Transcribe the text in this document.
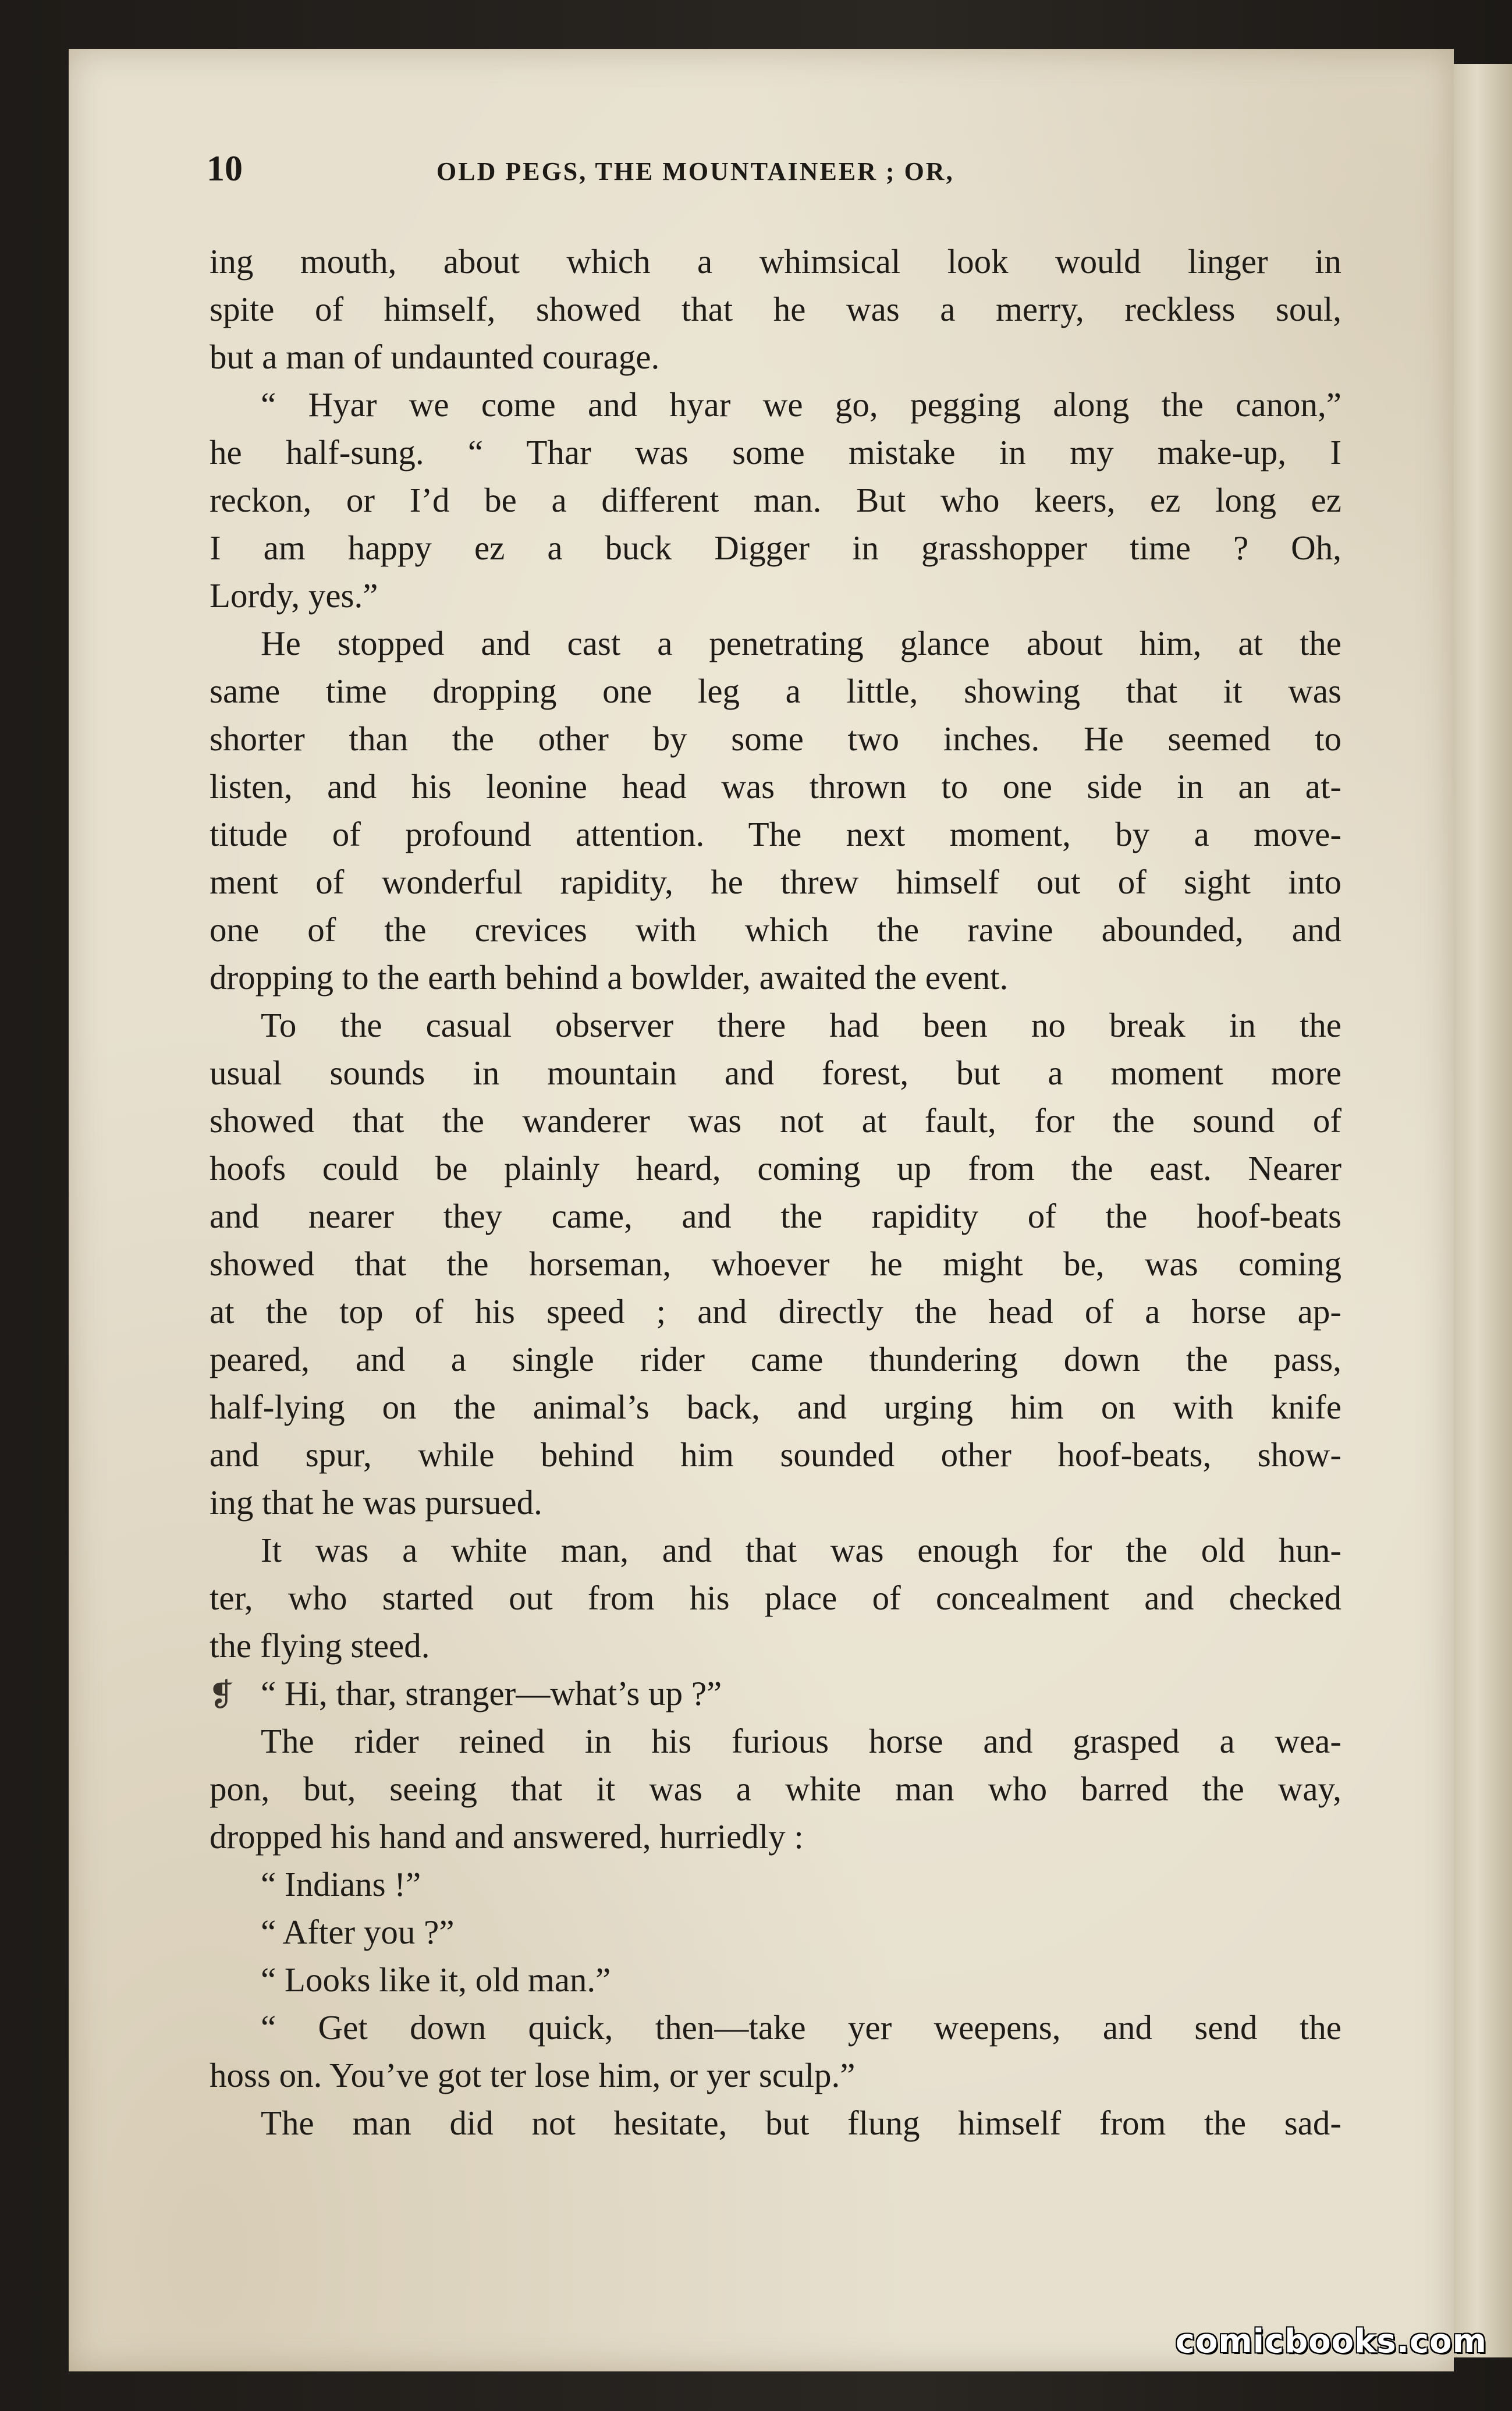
10	OLD PEGS, THE MOUNTAINEER ; OR,
ing mouth, about which a whimsical look would linger in
spite of himself, showed that he was a merry, reckless soul,
but a man of undaunted courage.
“ Hyar we come and hyar we go, pegging along the canon,”
he half-sung. “ Thar was some mistake in my make-up, I
reckon, or I’d be a different man. But who keers, ez long ez
I am happy ez a buck Digger in grasshopper time ? Oh,
Lordy, yes.”
He stopped and cast a penetrating glance about him, at the
same time dropping one leg a little, showing that it was
shorter than the other by some two inches. He seemed to
listen, and his leonine head was thrown to one side in an at-
titude of profound attention. The next moment, by a move-
ment of wonderful rapidity, he threw himself out of sight into
one of the crevices with which the ravine abounded, and
dropping to the earth behind a bowlder, awaited the event.
To the casual observer there had been no break in the
usual sounds in mountain and forest, but a moment more
showed that the wanderer was not at fault, for the sound of
hoofs could be plainly heard, coming up from the east. Nearer
and nearer they came, and the rapidity of the hoof-beats
showed that the horseman, whoever he might be, was coming
at the top of his speed ; and directly the head of a horse ap-
peared, and a single rider came thundering down the pass,
half-lying on the animal’s back, and urging him on with knife
and spur, while behind him sounded other hoof-beats, show-
ing that he was pursued.
It was a white man, and that was enough for the old hun-
ter, who started out from his place of concealment and checked
the flying steed.
“ Hi, thar, stranger—what’s up ?”
The rider reined in his furious horse and grasped a wea-
pon, but, seeing that it was a white man who barred the way,
dropped his hand and answered, hurriedly :
“ Indians !”
“ After you ?”
“ Looks like it, old man.”
“ Get down quick, then—take yer weepens, and send the
hoss on. You’ve got ter lose him, or yer sculp.”
The man did not hesitate, but flung himself from the sad-
❡
comicbooks.com
